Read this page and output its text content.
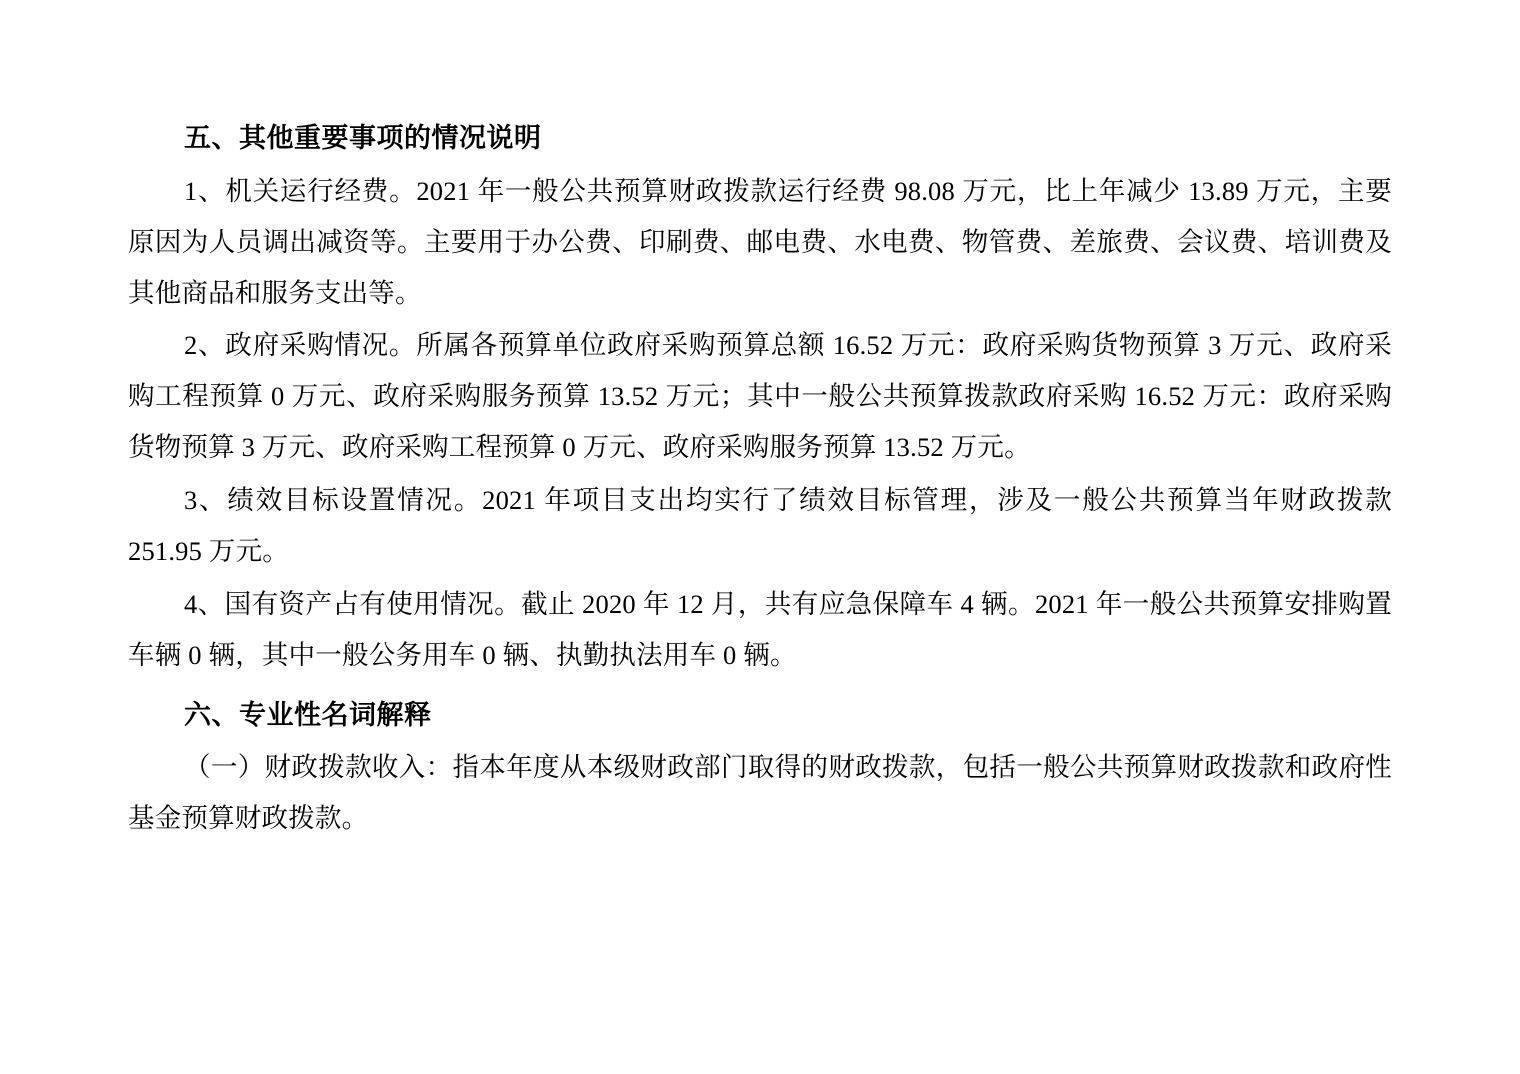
五、其他重要事项的情况说明

1、机关运行经费。2021 年一般公共预算财政拨款运行经费 98.08 万元，比上年减少 13.89 万元，主要原因为人员调出减资等。主要用于办公费、印刷费、邮电费、水电费、物管费、差旅费、会议费、培训费及其他商品和服务支出等。

2、政府采购情况。所属各预算单位政府采购预算总额 16.52 万元：政府采购货物预算 3 万元、政府采购工程预算 0 万元、政府采购服务预算 13.52 万元；其中一般公共预算拨款政府采购 16.52 万元：政府采购货物预算 3 万元、政府采购工程预算 0 万元、政府采购服务预算 13.52 万元。

3、绩效目标设置情况。2021 年项目支出均实行了绩效目标管理，涉及一般公共预算当年财政拨款 251.95 万元。

4、国有资产占有使用情况。截止 2020 年 12 月，共有应急保障车 4 辆。2021 年一般公共预算安排购置车辆 0 辆，其中一般公务用车 0 辆、执勤执法用车 0 辆。

六、专业性名词解释

（一）财政拨款收入：指本年度从本级财政部门取得的财政拨款，包括一般公共预算财政拨款和政府性基金预算财政拨款。
